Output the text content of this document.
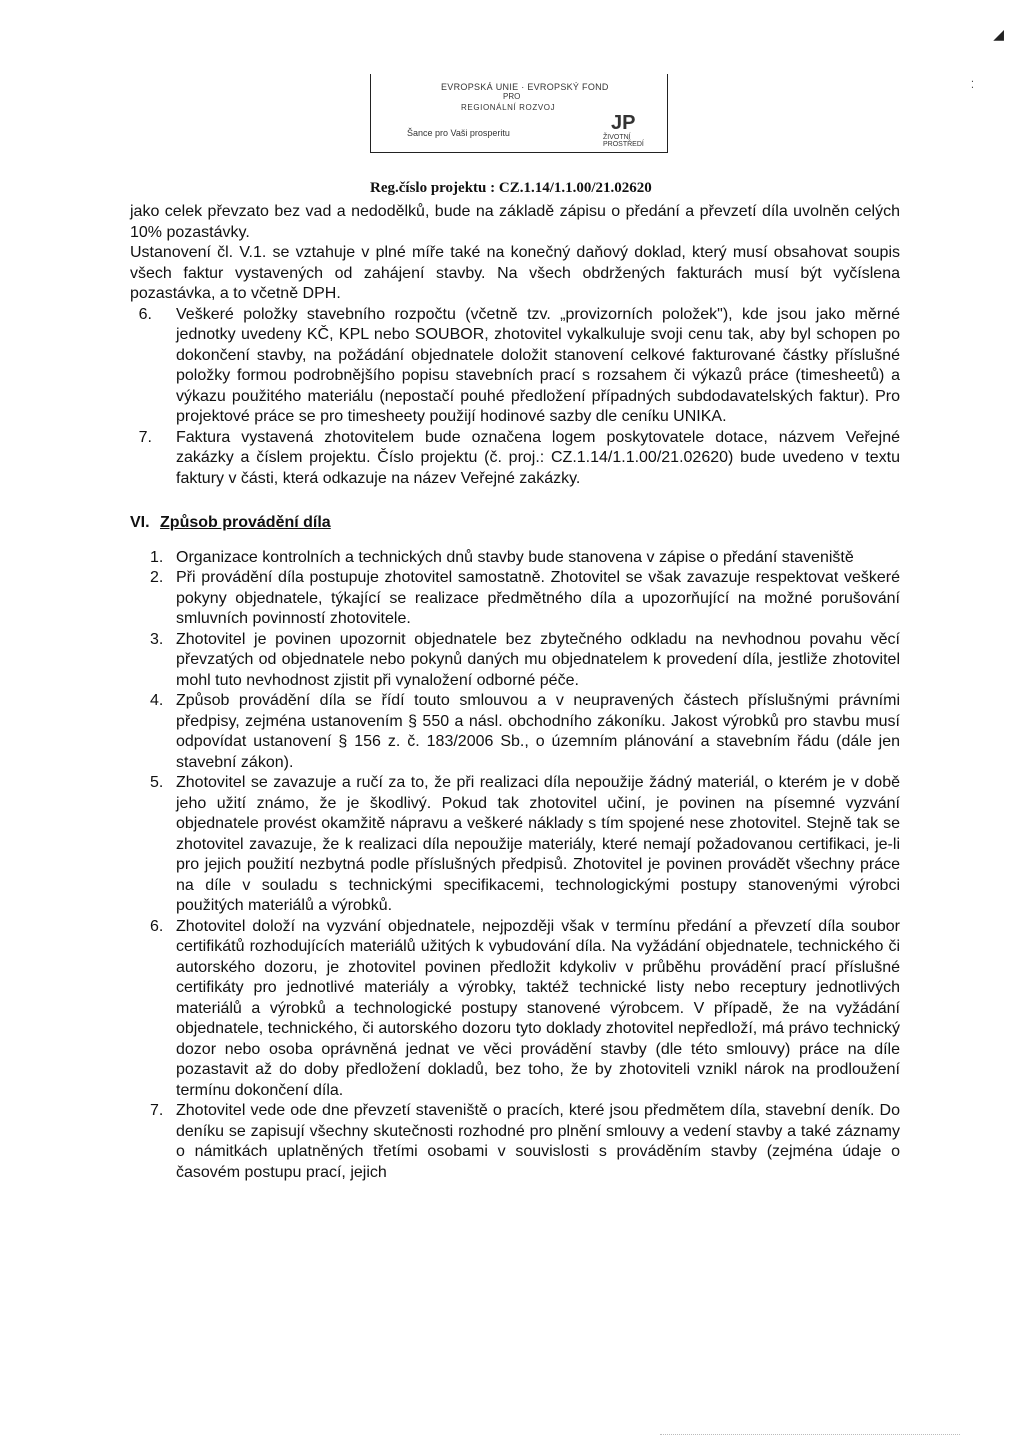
◢
⁚
EVROPSKÁ UNIE · EVROPSKÝ FOND
PRO
REGIONÁLNÍ ROZVOJ
Šance pro Vaši prosperitu	JP
ŽIVOTNÍ PROSTŘEDÍ
Reg.číslo projektu : CZ.1.14/1.1.00/21.02620

jako celek převzato bez vad a nedodělků, bude na základě zápisu o předání a převzetí díla uvolněn celých 10% pozastávky.

Ustanovení čl. V.1. se vztahuje v plné míře také na konečný daňový doklad, který musí obsahovat soupis všech faktur vystavených od zahájení stavby. Na všech obdržených fakturách musí být vyčíslena pozastávka, a to včetně DPH.

6.	Veškeré položky stavebního rozpočtu (včetně tzv. „provizorních položek"), kde jsou jako měrné jednotky uvedeny KČ, KPL nebo SOUBOR, zhotovitel vykalkuluje svoji cenu tak, aby byl schopen po dokončení stavby, na požádání objednatele doložit stanovení celkové fakturované částky příslušné položky formou podrobnějšího popisu stavebních prací s rozsahem či výkazů práce (timesheetů) a výkazu použitého materiálu (nepostačí pouhé předložení případných subdodavatelských faktur). Pro projektové práce se pro timesheety použijí hodinové sazby dle ceníku UNIKA.
7.	Faktura vystavená zhotovitelem bude označena logem poskytovatele dotace, názvem Veřejné zakázky a číslem projektu. Číslo projektu (č. proj.: CZ.1.14/1.1.00/21.02620) bude uvedeno v textu faktury v části, která odkazuje na název Veřejné zakázky.
VI. Způsob provádění díla
1. Organizace kontrolních a technických dnů stavby bude stanovena v zápise o předání staveniště
2. Při provádění díla postupuje zhotovitel samostatně. Zhotovitel se však zavazuje respektovat veškeré pokyny objednatele, týkající se realizace předmětného díla a upozorňující na možné porušování smluvních povinností zhotovitele.
3. Zhotovitel je povinen upozornit objednatele bez zbytečného odkladu na nevhodnou povahu věcí převzatých od objednatele nebo pokynů daných mu objednatelem k provedení díla, jestliže zhotovitel mohl tuto nevhodnost zjistit při vynaložení odborné péče.
4. Způsob provádění díla se řídí touto smlouvou a v neupravených částech příslušnými právními předpisy, zejména ustanovením § 550 a násl. obchodního zákoníku. Jakost výrobků pro stavbu musí odpovídat ustanovení § 156 z. č. 183/2006 Sb., o územním plánování a stavebním řádu (dále jen stavební zákon).
5. Zhotovitel se zavazuje a ručí za to, že při realizaci díla nepoužije žádný materiál, o kterém je v době jeho užití známo, že je škodlivý. Pokud tak zhotovitel učiní, je povinen na písemné vyzvání objednatele provést okamžitě nápravu a veškeré náklady s tím spojené nese zhotovitel. Stejně tak se zhotovitel zavazuje, že k realizaci díla nepoužije materiály, které nemají požadovanou certifikaci, je-li pro jejich použití nezbytná podle příslušných předpisů. Zhotovitel je povinen provádět všechny práce na díle v souladu s technickými specifikacemi, technologickými postupy stanovenými výrobci použitých materiálů a výrobků.
6. Zhotovitel doloží na vyzvání objednatele, nejpozději však v termínu předání a převzetí díla soubor certifikátů rozhodujících materiálů užitých k vybudování díla. Na vyžádání objednatele, technického či autorského dozoru, je zhotovitel povinen předložit kdykoliv v průběhu provádění prací příslušné certifikáty pro jednotlivé materiály a výrobky, taktéž technické listy nebo receptury jednotlivých materiálů a výrobků a technologické postupy stanovené výrobcem. V případě, že na vyžádání objednatele, technického, či autorského dozoru tyto doklady zhotovitel nepředloží, má právo technický dozor nebo osoba oprávněná jednat ve věci provádění stavby (dle této smlouvy) práce na díle pozastavit až do doby předložení dokladů, bez toho, že by zhotoviteli vznikl nárok na prodloužení termínu dokončení díla.
7. Zhotovitel vede ode dne převzetí staveniště o pracích, které jsou předmětem díla, stavební deník. Do deníku se zapisují všechny skutečnosti rozhodné pro plnění smlouvy a vedení stavby a také záznamy o námitkách uplatněných třetími osobami v souvislosti s prováděním stavby (zejména údaje o časovém postupu prací, jejich
